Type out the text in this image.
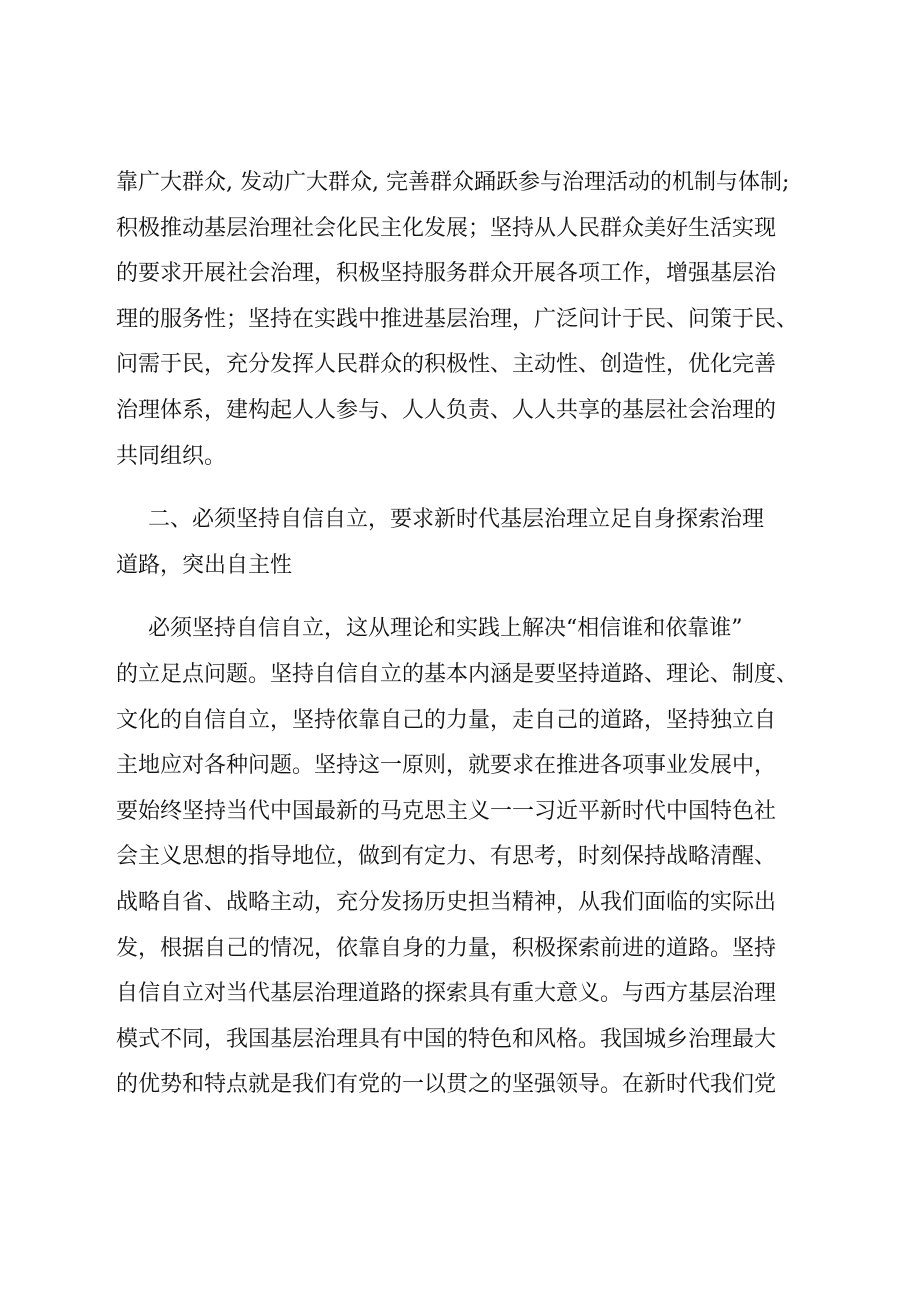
靠广大群众, 发动广大群众, 完善群众踊跃参与治理活动的机制与体制;
积极推动基层治理社会化民主化发展；坚持从人民群众美好生活实现
的要求开展社会治理，积极坚持服务群众开展各项工作，增强基层治
理的服务性；坚持在实践中推进基层治理，广泛问计于民、问策于民、
问需于民，充分发挥人民群众的积极性、主动性、创造性，优化完善
治理体系，建构起人人参与、人人负责、人人共享的基层社会治理的
共同组织。
二、必须坚持自信自立，要求新时代基层治理立足自身探索治理
道路，突出自主性
必须坚持自信自立，这从理论和实践上解决“相信谁和依靠谁”
的立足点问题。坚持自信自立的基本内涵是要坚持道路、理论、制度、
文化的自信自立，坚持依靠自己的力量，走自己的道路，坚持独立自
主地应对各种问题。坚持这一原则，就要求在推进各项事业发展中，
要始终坚持当代中国最新的马克思主义一一习近平新时代中国特色社
会主义思想的指导地位，做到有定力、有思考，时刻保持战略清醒、
战略自省、战略主动，充分发扬历史担当精神，从我们面临的实际出
发，根据自己的情况，依靠自身的力量，积极探索前进的道路。坚持
自信自立对当代基层治理道路的探索具有重大意义。与西方基层治理
模式不同，我国基层治理具有中国的特色和风格。我国城乡治理最大
的优势和特点就是我们有党的一以贯之的坚强领导。在新时代我们党
